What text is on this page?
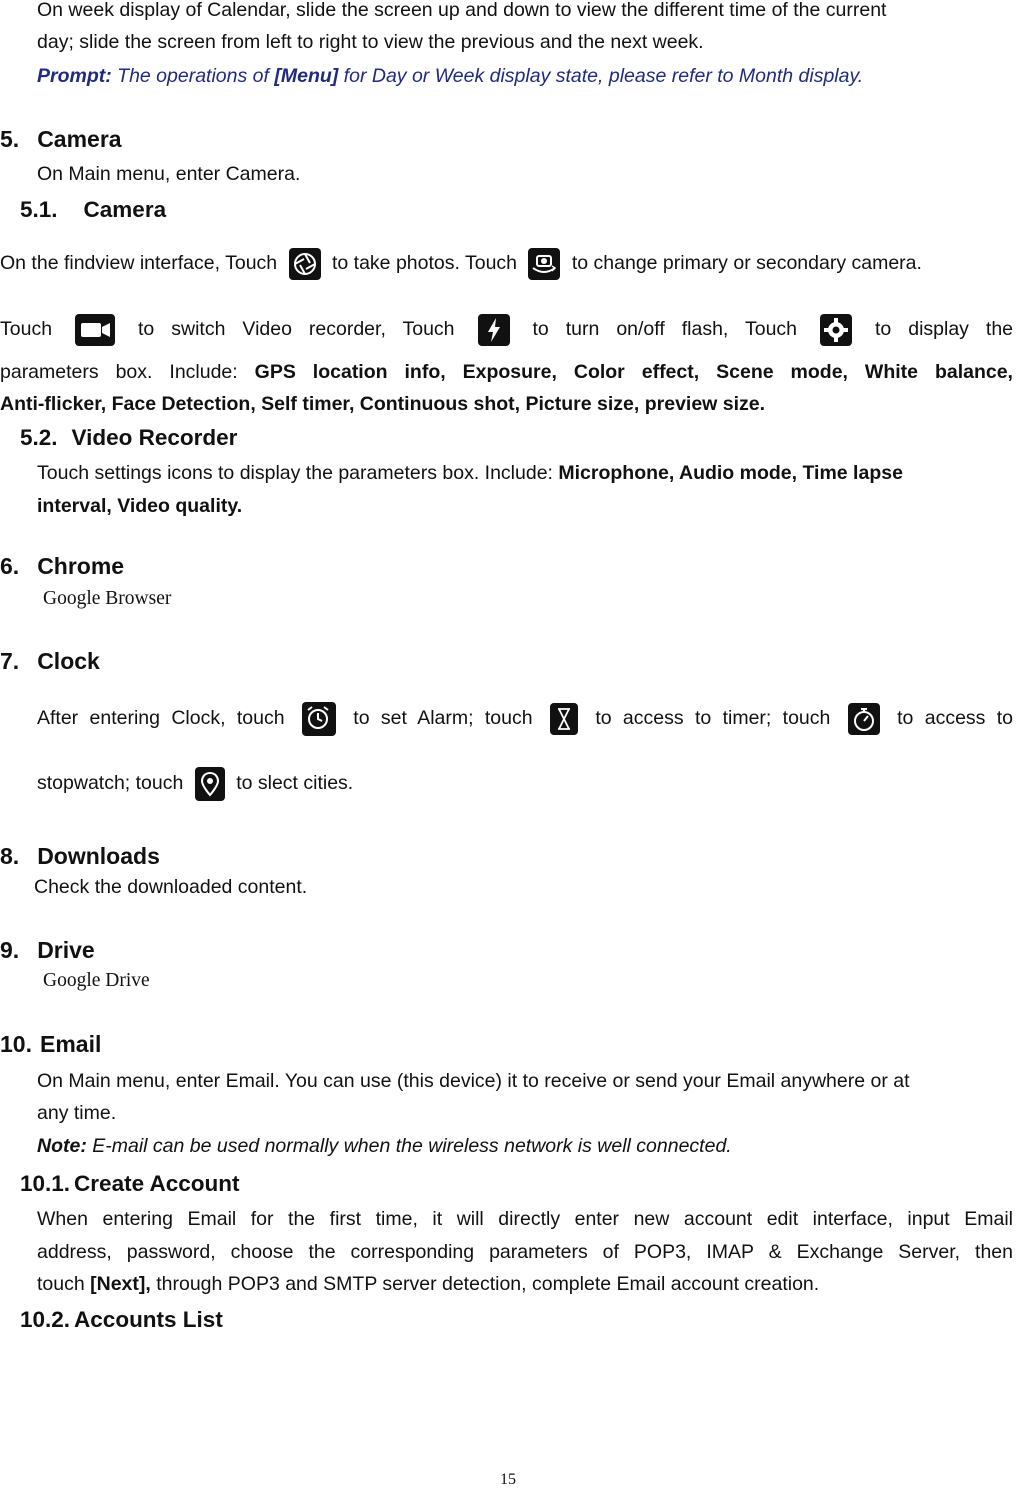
On week display of Calendar, slide the screen up and down to view the different time of the current
day; slide the screen from left to right to view the previous and the next week.
Prompt: The operations of [Menu] for Day or Week display state, please refer to Month display.
5. Camera
On Main menu, enter Camera.
5.1. Camera
On the findview interface, Touch	to take photos. Touch	to change primary or secondary camera.
Touch	to switch Video recorder, Touch	to turn on/off flash, Touch	to display the
parameters box. Include: GPS location info, Exposure, Color effect, Scene mode, White balance,
Anti-flicker, Face Detection, Self timer, Continuous shot, Picture size, preview size.
5.2. Video Recorder
Touch settings icons to display the parameters box. Include: Microphone, Audio mode, Time lapse
interval, Video quality.
6. Chrome
Google Browser
7. Clock
After entering Clock, touch	to set Alarm; touch	to access to timer; touch	to access to
stopwatch; touch	to slect cities.
8. Downloads
Check the downloaded content.
9. Drive
Google Drive
10. Email
On Main menu, enter Email. You can use (this device) it to receive or send your Email anywhere or at
any time.
Note: E-mail can be used normally when the wireless network is well connected.
10.1. Create Account
When entering Email for the first time, it will directly enter new account edit interface, input Email
address, password, choose the corresponding parameters of POP3, IMAP & Exchange Server, then
touch [Next], through POP3 and SMTP server detection, complete Email account creation.
10.2. Accounts List
15
